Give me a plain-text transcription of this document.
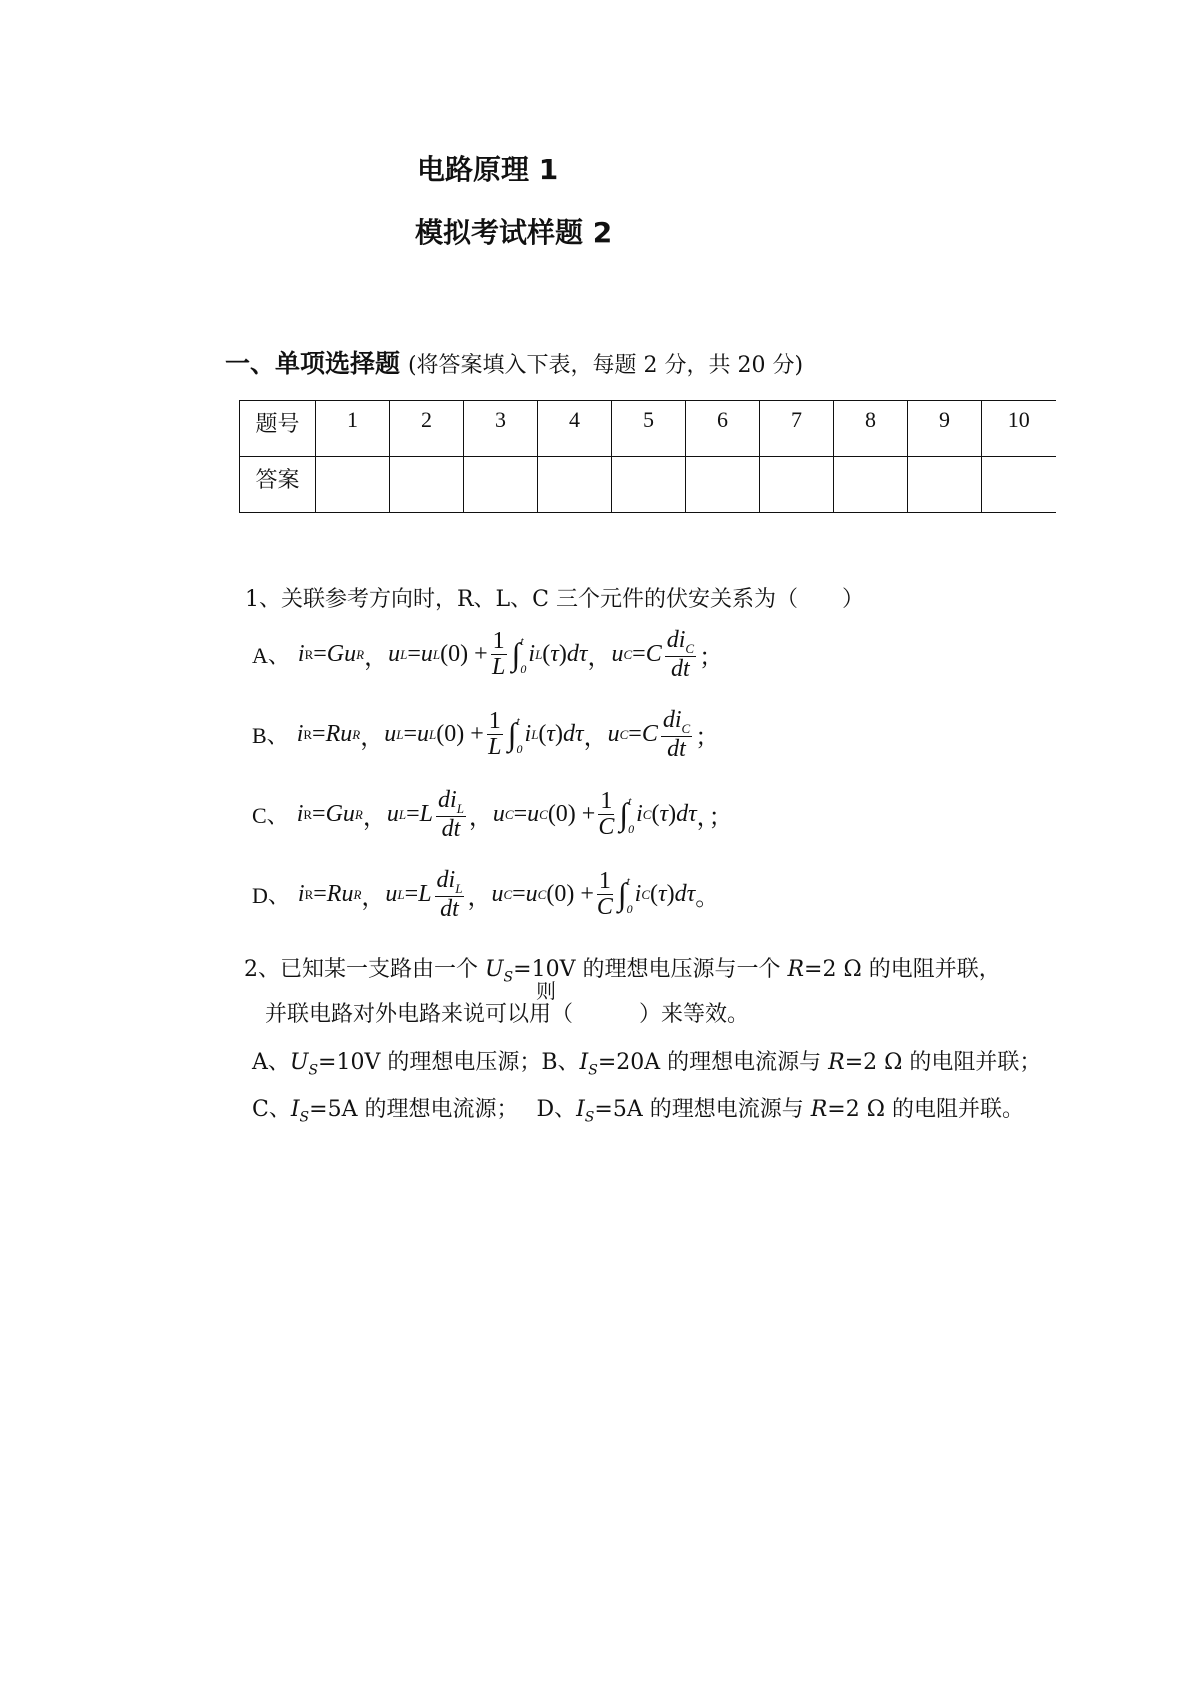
电路原理 1
模拟考试样题 2
一、单项选择题 (将答案填入下表，每题 2 分，共 20 分)
题号	1	2	3	4	5	6	7	8	9	10
答案										
1、关联参考方向时，R、L、C 三个元件的伏安关系为（　　）
A、 i R = Gu R ， u L = u L $(0) + \frac{1}{L}$ ∫ t
0
i L ( τ ) dτ ， u C = C $\frac{di_C}{dt}$ ；
B、 i R = Ru R ， u L = u L $(0) + \frac{1}{L}$ ∫ t
0
i L ( τ ) dτ ， u C = C $\frac{di_C}{dt}$ ；
C、 i R = Gu R ， u L = L $\frac{di_L}{dt}$ ， u C = u C $(0) + \frac{1}{C}$ ∫ t
0
i C ( τ ) dτ ，；
D、 i R = Ru R ， u L = L $\frac{di_L}{dt}$ ， u C = u C $(0) + \frac{1}{C}$ ∫ t
0
i C ( τ ) dτ 。
2、已知某一支路由一个 $U_S=10V$ 的理想电压源与一个 R=2 Ω 的电阻并联，
则
并联电路对外电路来说可以用（　　　）来等效。
A、$U_S=10V$ 的理想电压源；B、$I_S=20A$ 的理想电流源与 R=2 Ω 的电阻并联；
C、$I_S=5A$ 的理想电流源；　 D、$I_S=5A$ 的理想电流源与 R=2 Ω 的电阻并联。
